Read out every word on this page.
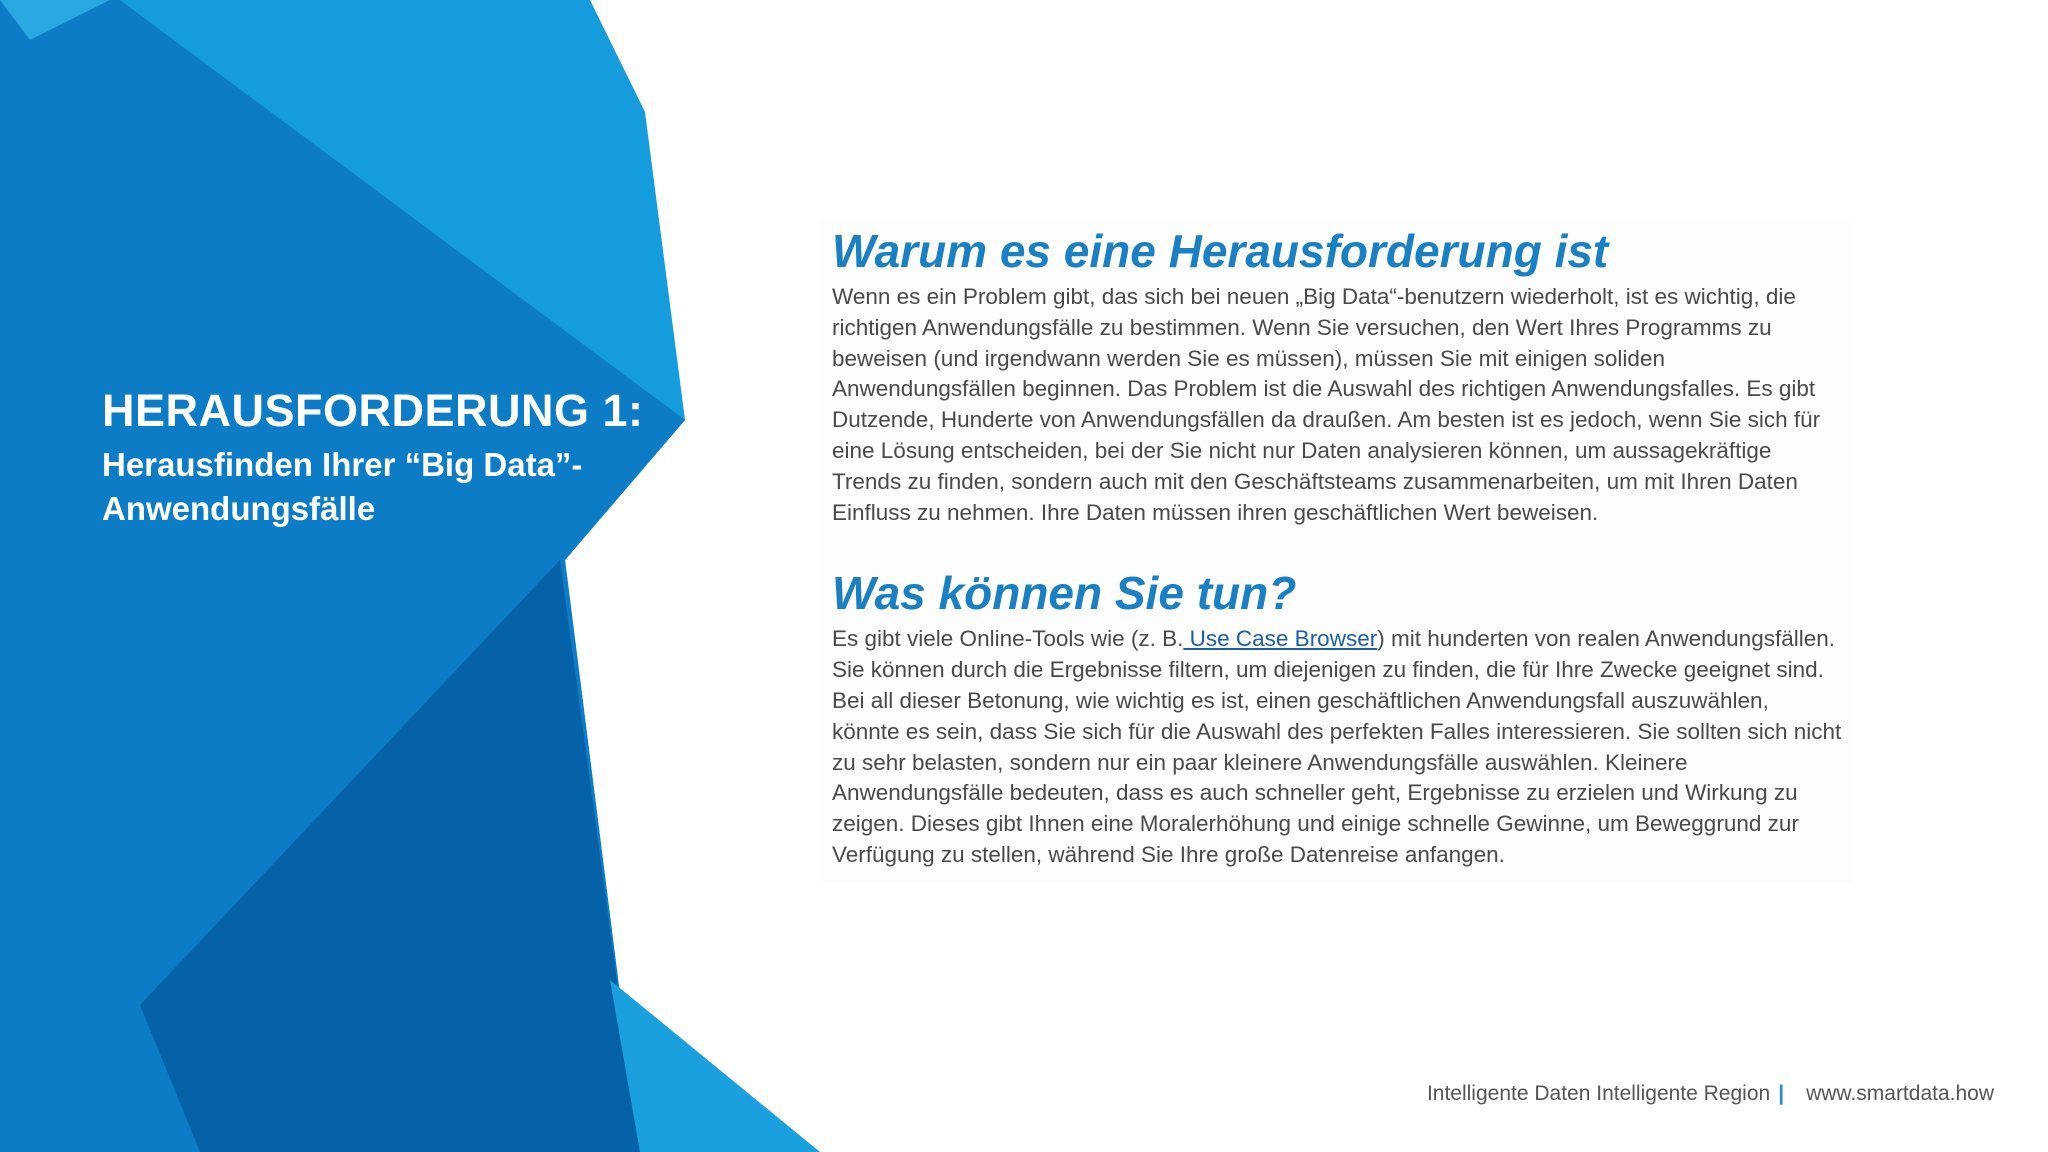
HERAUSFORDERUNG 1:
Herausfinden Ihrer “Big Data”-Anwendungsfälle
Warum es eine Herausforderung ist

Wenn es ein Problem gibt, das sich bei neuen „Big Data“-benutzern wiederholt, ist es wichtig, die richtigen Anwendungsfälle zu bestimmen. Wenn Sie versuchen, den Wert Ihres Programms zu beweisen (und irgendwann werden Sie es müssen), müssen Sie mit einigen soliden Anwendungsfällen beginnen. Das Problem ist die Auswahl des richtigen Anwendungsfalles. Es gibt Dutzende, Hunderte von Anwendungsfällen da draußen. Am besten ist es jedoch, wenn Sie sich für eine Lösung entscheiden, bei der Sie nicht nur Daten analysieren können, um aussagekräftige Trends zu finden, sondern auch mit den Geschäftsteams zusammenarbeiten, um mit Ihren Daten Einfluss zu nehmen. Ihre Daten müssen ihren geschäftlichen Wert beweisen.

Was können Sie tun?

Es gibt viele Online-Tools wie (z. B. Use Case Browser) mit hunderten von realen Anwendungsfällen. Sie können durch die Ergebnisse filtern, um diejenigen zu finden, die für Ihre Zwecke geeignet sind.

Bei all dieser Betonung, wie wichtig es ist, einen geschäftlichen Anwendungsfall auszuwählen, könnte es sein, dass Sie sich für die Auswahl des perfekten Falles interessieren. Sie sollten sich nicht zu sehr belasten, sondern nur ein paar kleinere Anwendungsfälle auswählen. Kleinere Anwendungsfälle bedeuten, dass es auch schneller geht, Ergebnisse zu erzielen und Wirkung zu zeigen. Dieses gibt Ihnen eine Moralerhöhung und einige schnelle Gewinne, um Beweggrund zur Verfügung zu stellen, während Sie Ihre große Datenreise anfangen.

Intelligente Daten Intelligente Region | www.smartdata.how
